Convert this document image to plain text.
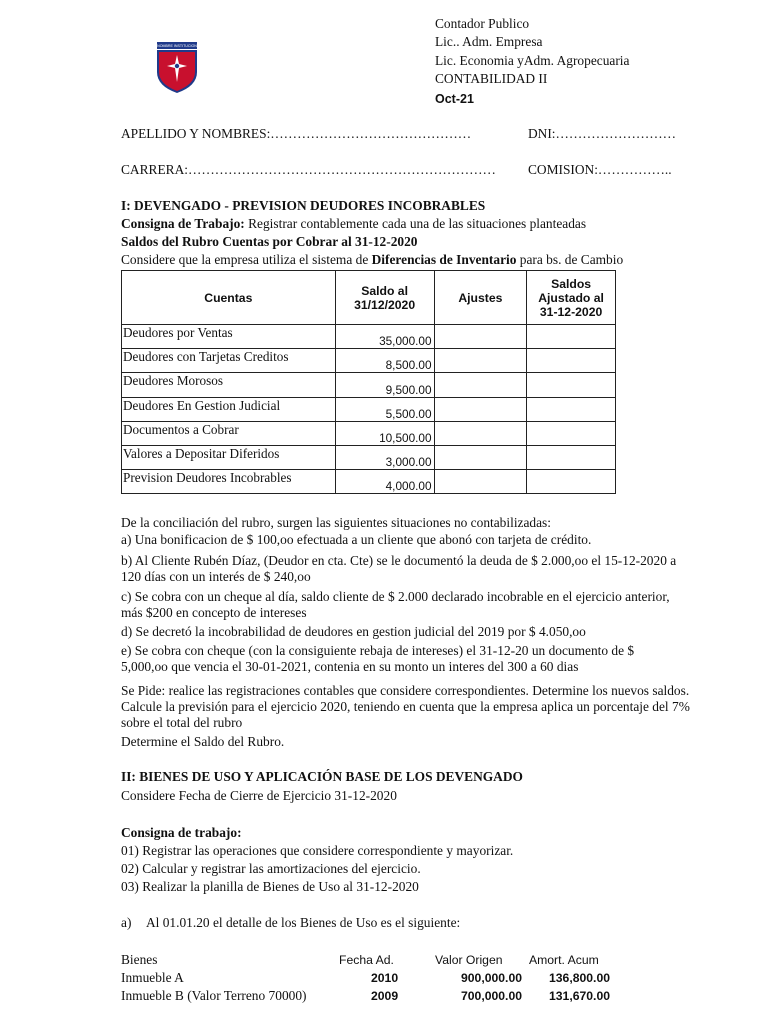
NOMBRE INSTITUCION
Contador Publico
Lic.. Adm. Empresa
Lic. Economia yAdm. Agropecuaria
CONTABILIDAD II
Oct-21
APELLIDO Y NOMBRES:………………………………………	DNI:………………………
CARRERA:…………………………………………………………… COMISION:……………..
I: DEVENGADO - PREVISION DEUDORES INCOBRABLES
Consigna de Trabajo: Registrar contablemente cada una de las situaciones planteadas
Saldos del Rubro Cuentas por Cobrar al 31-12-2020
Considere que la empresa utiliza el sistema de Diferencias de Inventario para bs. de Cambio
Cuentas	Saldo al 31/12/2020	Ajustes	Saldos Ajustado al 31-12-2020
Deudores por Ventas	35,000.00		
Deudores con Tarjetas Creditos	8,500.00		
Deudores Morosos	9,500.00		
Deudores En Gestion Judicial	5,500.00		
Documentos a Cobrar	10,500.00		
Valores a Depositar Diferidos	3,000.00		
Prevision Deudores Incobrables	4,000.00		
De la conciliación del rubro, surgen las siguientes situaciones no contabilizadas:
a) Una bonificacion de $ 100,oo efectuada a un cliente que abonó con tarjeta de crédito.
b) Al Cliente Rubén Díaz, (Deudor en cta. Cte) se le documentó la deuda de $ 2.000,oo el 15-12-2020 a 120 días con un interés de $ 240,oo
c) Se cobra con un cheque al día, saldo cliente de $ 2.000 declarado incobrable en el ejercicio anterior, más $200 en concepto de intereses
d) Se decretó la incobrabilidad de deudores en gestion judicial del 2019 por $ 4.050,oo
e) Se cobra con cheque (con la consiguiente rebaja de intereses) el 31-12-20 un documento de $ 5,000,oo que vencia el 30-01-2021, contenia en su monto un interes del 300 a 60 dias
Se Pide: realice las registraciones contables que considere correspondientes. Determine los nuevos saldos. Calcule la previsión para el ejercicio 2020, teniendo en cuenta que la empresa aplica un porcentaje del 7% sobre el total del rubro
Determine el Saldo del Rubro.
II: BIENES DE USO Y APLICACIÓN BASE DE LOS DEVENGADO
Considere Fecha de Cierre de Ejercicio 31-12-2020
Consigna de trabajo:
01) Registrar las operaciones que considere correspondiente y mayorizar.
02) Calcular y registrar las amortizaciones del ejercicio.
03) Realizar la planilla de Bienes de Uso al 31-12-2020
a) Al 01.01.20 el detalle de los Bienes de Uso es el siguiente:
Bienes	Fecha Ad.	Valor Origen Amort. Acum
Inmueble A	2010	900,000.00 136,800.00
Inmueble B (Valor Terreno 70000)	2009	700,000.00 131,670.00
